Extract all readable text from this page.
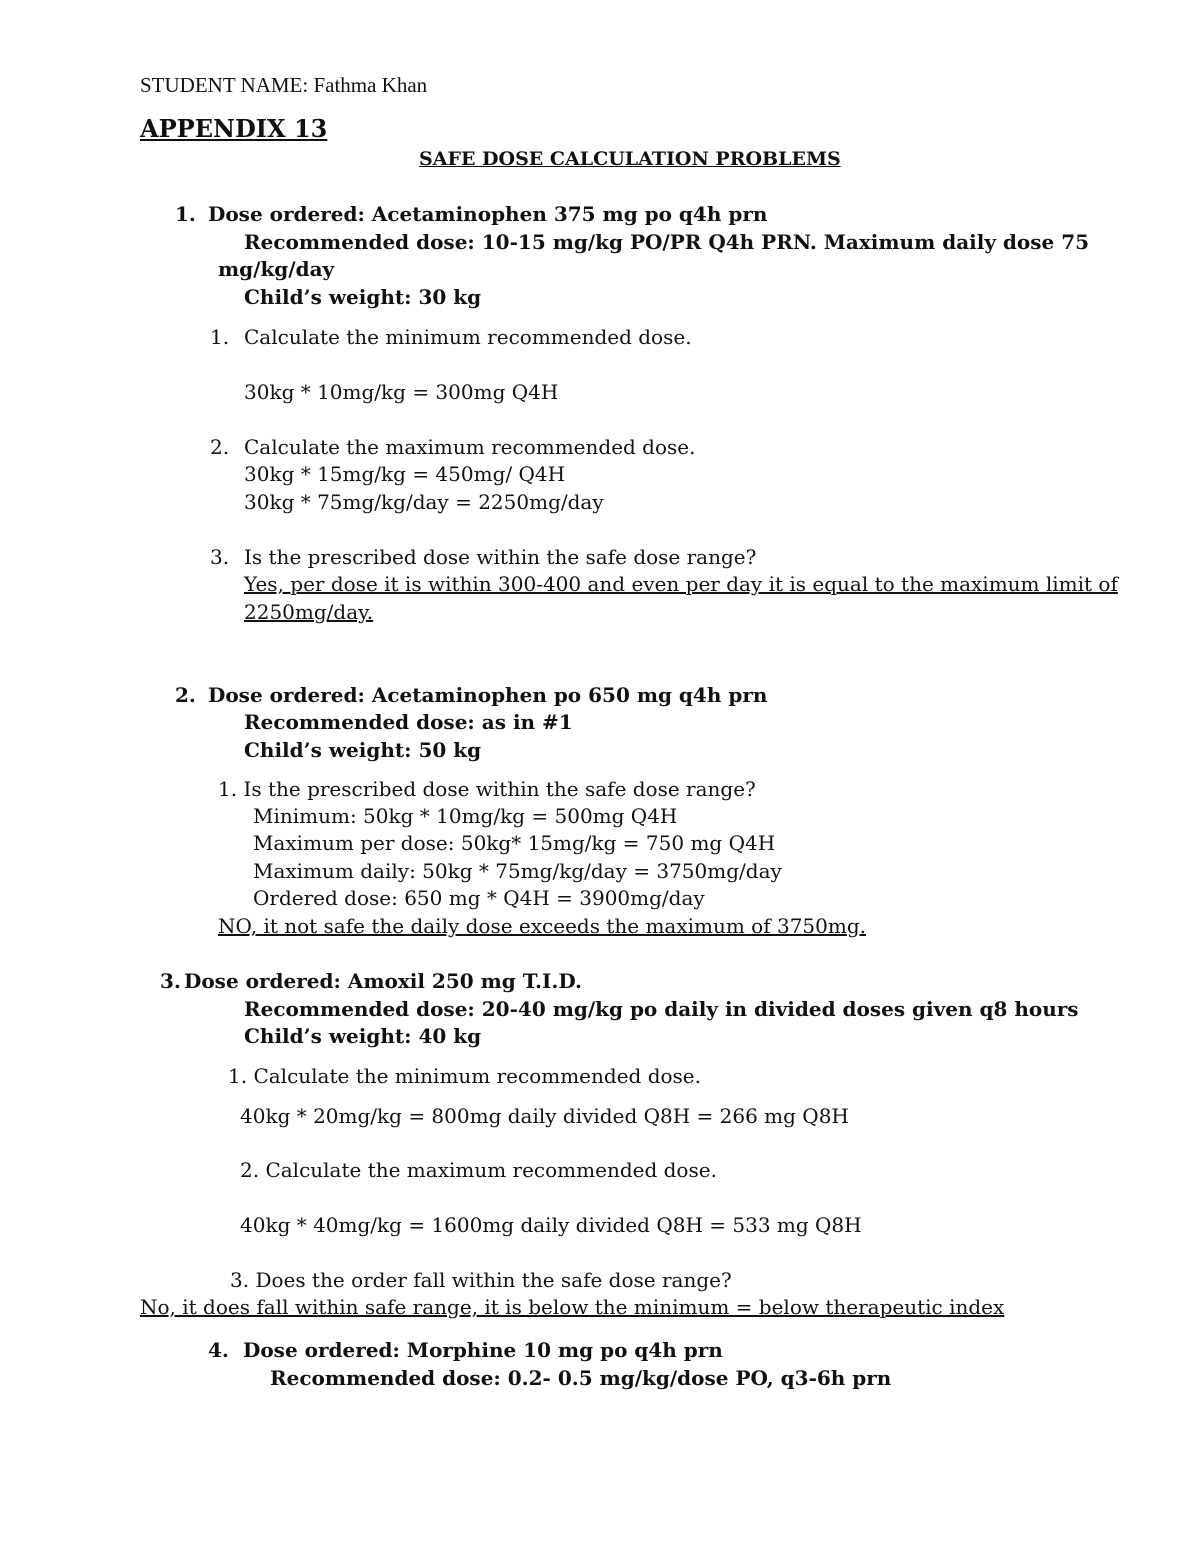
STUDENT NAME: Fathma Khan
APPENDIX 13
SAFE DOSE CALCULATION PROBLEMS
1. Dose ordered: Acetaminophen 375 mg po q4h prn
Recommended dose: 10-15 mg/kg PO/PR Q4h PRN. Maximum daily dose 75
mg/kg/day
Child’s weight: 30 kg
1. Calculate the minimum recommended dose.
30kg * 10mg/kg = 300mg Q4H
2. Calculate the maximum recommended dose.
30kg * 15mg/kg = 450mg/ Q4H
30kg * 75mg/kg/day = 2250mg/day
3. Is the prescribed dose within the safe dose range?
Yes, per dose it is within 300-400 and even per day it is equal to the maximum limit of
2250mg/day.
2. Dose ordered: Acetaminophen po 650 mg q4h prn
Recommended dose: as in #1
Child’s weight: 50 kg
1. Is the prescribed dose within the safe dose range?
Minimum: 50kg * 10mg/kg = 500mg Q4H
Maximum per dose: 50kg* 15mg/kg = 750 mg Q4H
Maximum daily: 50kg * 75mg/kg/day = 3750mg/day
Ordered dose: 650 mg * Q4H = 3900mg/day
NO, it not safe the daily dose exceeds the maximum of 3750mg.
3. Dose ordered: Amoxil 250 mg T.I.D.
Recommended dose: 20-40 mg/kg po daily in divided doses given q8 hours
Child’s weight: 40 kg
1. Calculate the minimum recommended dose.
40kg * 20mg/kg = 800mg daily divided Q8H = 266 mg Q8H
2. Calculate the maximum recommended dose.
40kg * 40mg/kg = 1600mg daily divided Q8H = 533 mg Q8H
3. Does the order fall within the safe dose range?
No, it does fall within safe range, it is below the minimum = below therapeutic index
4. Dose ordered: Morphine 10 mg po q4h prn
Recommended dose: 0.2- 0.5 mg/kg/dose PO, q3-6h prn
